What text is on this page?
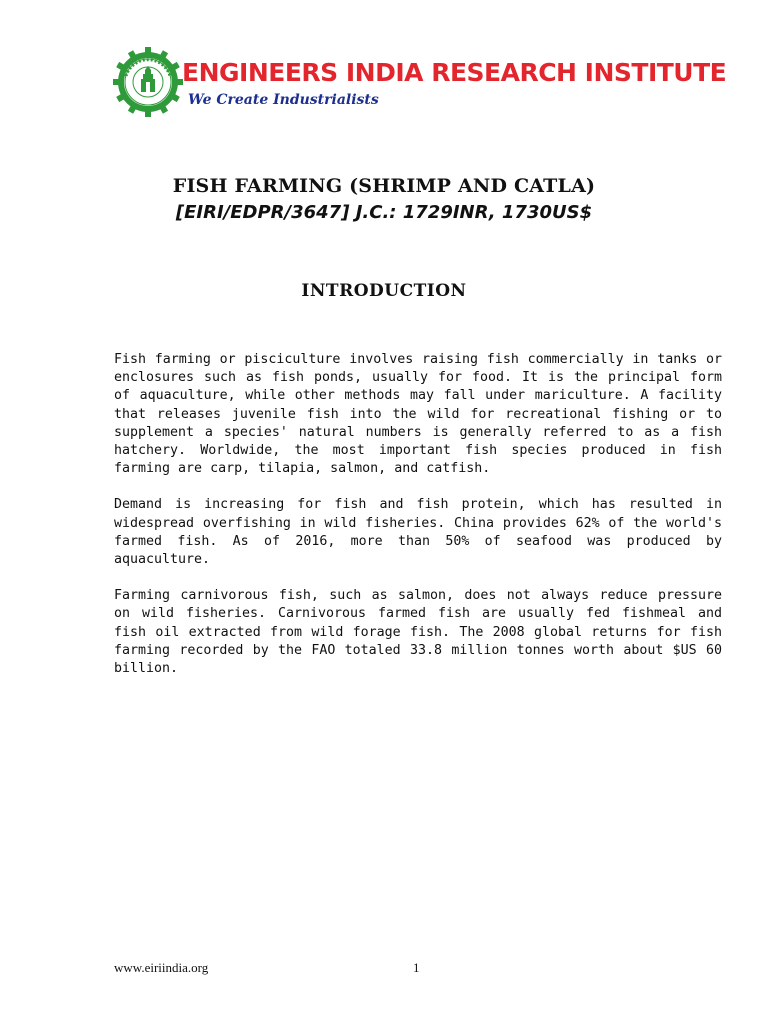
ENGINEERS INDIA RESEARCH INSTITUTE
We Create Industrialists
FISH FARMING (SHRIMP AND CATLA)
[EIRI/EDPR/3647] J.C.: 1729INR, 1730US$
INTRODUCTION

Fish farming or pisciculture involves raising fish commercially in tanks or enclosures such as fish ponds, usually for food. It is the principal form of aquaculture, while other methods may fall under mariculture. A facility that releases juvenile fish into the wild for recreational fishing or to supplement a species' natural numbers is generally referred to as a fish hatchery. Worldwide, the most important fish species produced in fish farming are carp, tilapia, salmon, and catfish.

Demand is increasing for fish and fish protein, which has resulted in widespread overfishing in wild fisheries. China provides 62% of the world's farmed fish. As of 2016, more than 50% of seafood was produced by aquaculture.

Farming carnivorous fish, such as salmon, does not always reduce pressure on wild fisheries. Carnivorous farmed fish are usually fed fishmeal and fish oil extracted from wild forage fish. The 2008 global returns for fish farming recorded by the FAO totaled 33.8 million tonnes worth about $US 60 billion.

www.eiriindia.org	1
